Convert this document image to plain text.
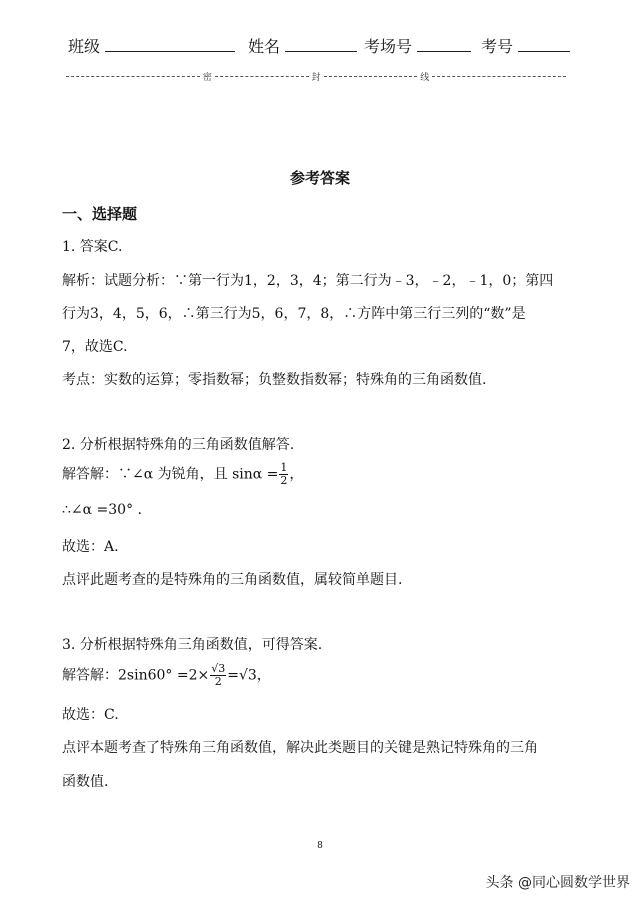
班级	姓名	考场号	考号
密	封	线
参考答案
一、选择题
1. 答案C.
解析：试题分析：∵第一行为1，2，3，4；第二行为﹣3，﹣2，﹣1，0；第四
行为3，4，5，6，∴第三行为5，6，7，8，∴方阵中第三行三列的“数”是
7，故选C.
考点：实数的运算；零指数幂；负整数指数幂；特殊角的三角函数值.
2. 分析根据特殊角的三角函数值解答.
解答解：∵∠α 为锐角，且 $\sin\alpha = \frac{1}{2}$ ，
∴∠α =30° .
故选：A.
点评此题考查的是特殊角的三角函数值，属较简单题目.
3. 分析根据特殊角三角函数值，可得答案.
解答解：$2\sin 60^\circ =2\times \frac{√3}{2} =√3$，
故选：C.
点评本题考查了特殊角三角函数值，解决此类题目的关键是熟记特殊角的三角
函数值.
8
头条 @同心圆数学世界
